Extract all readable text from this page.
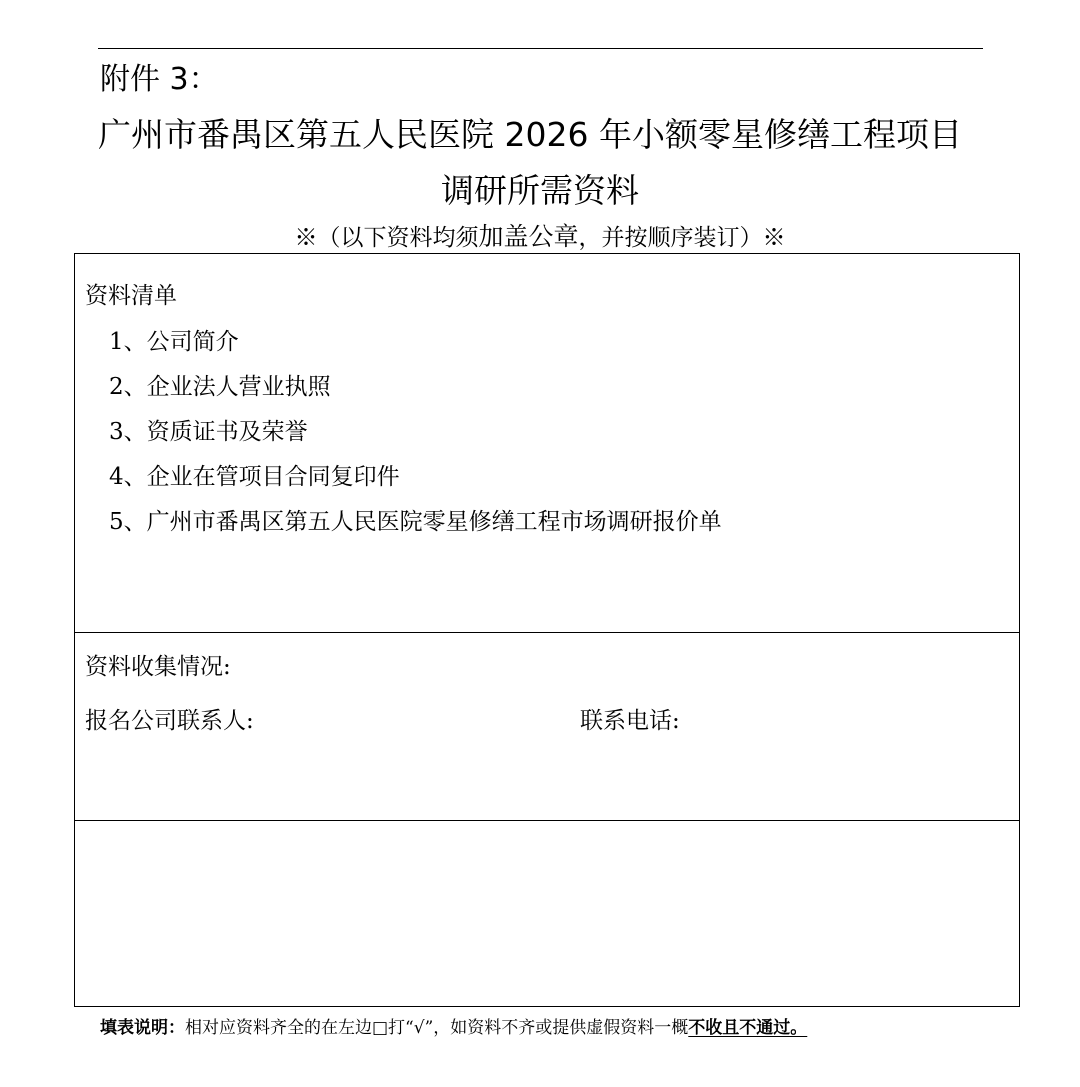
附件 3：
广州市番禺区第五人民医院 2026 年小额零星修缮工程项目
调研所需资料
※（以下资料均须加盖公章，并按顺序装订）※
资料清单
1、公司简介
2、企业法人营业执照
3、资质证书及荣誉
4、企业在管项目合同复印件
5、广州市番禺区第五人民医院零星修缮工程市场调研报价单
资料收集情况:
报名公司联系人:	联系电话:
填表说明：相对应资料齐全的在左边□打“√”，如资料不齐或提供虚假资料一概不收且不通过。
